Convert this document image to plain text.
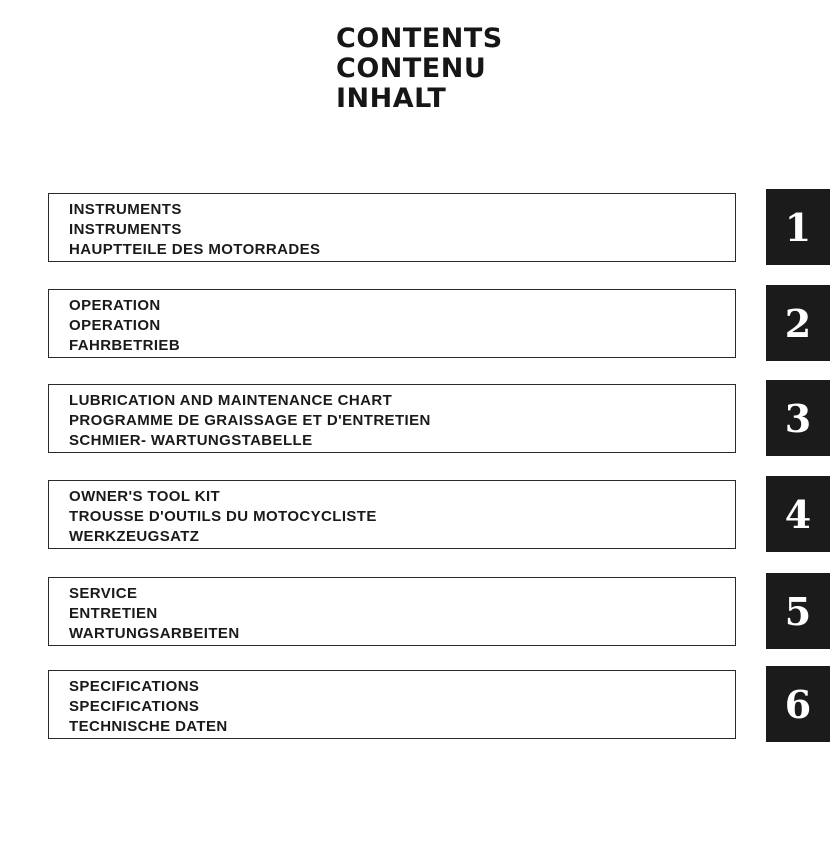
CONTENTS
CONTENU
INHALT
INSTRUMENTS
INSTRUMENTS
HAUPTTEILE DES MOTORRADES	1
OPERATION
OPERATION
FAHRBETRIEB	2
LUBRICATION AND MAINTENANCE CHART
PROGRAMME DE GRAISSAGE ET D'ENTRETIEN
SCHMIER- WARTUNGSTABELLE	3
OWNER'S TOOL KIT
TROUSSE D'OUTILS DU MOTOCYCLISTE
WERKZEUGSATZ	4
SERVICE
ENTRETIEN
WARTUNGSARBEITEN	5
SPECIFICATIONS
SPECIFICATIONS
TECHNISCHE DATEN	6
